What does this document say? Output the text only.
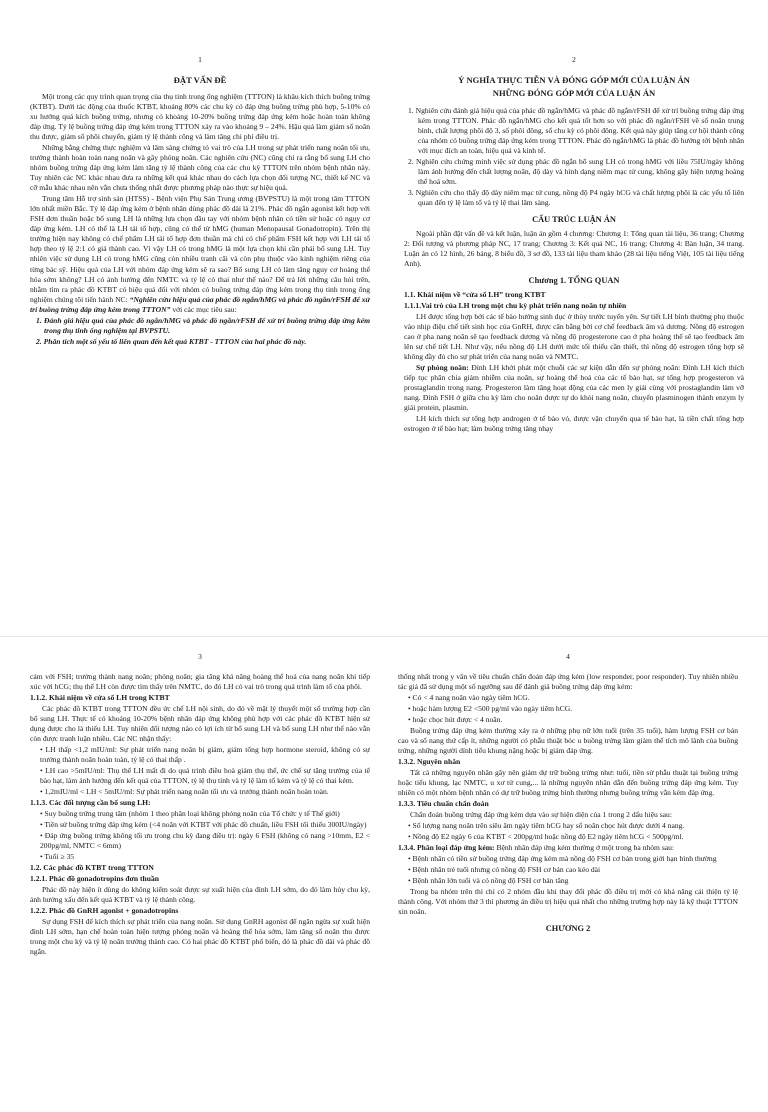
1
ĐẶT VẤN ĐỀ

Một trong các quy trình quan trọng của thụ tinh trong ống nghiệm (TTTON) là khâu kích thích buồng trứng (KTBT). Dưới tác động của thuốc KTBT, khoảng 80% các chu kỳ có đáp ứng buồng trứng phù hợp, 5-10% có xu hướng quá kích buồng trứng, nhưng có khoảng 10-20% buồng trứng đáp ứng kém hoặc hoàn toàn không đáp ứng. Tỷ lệ buồng trứng đáp ứng kém trong TTTON xảy ra vào khoảng 9 – 24%. Hậu quả làm giảm số noãn thu được, giảm số phôi chuyển, giảm tỷ lệ thành công và làm tăng chi phí điều trị.

Những bằng chứng thực nghiệm và lâm sàng chứng tỏ vai trò của LH trong sự phát triển nang noãn tối ưu, trưởng thành hoàn toàn nang noãn và gây phóng noãn. Các nghiên cứu (NC) cũng chỉ ra rằng bổ sung LH cho nhóm buồng trứng đáp ứng kém làm tăng tỷ lệ thành công của các chu kỳ TTTON trên nhóm bệnh nhân này. Tuy nhiên các NC khác nhau đưa ra những kết quả khác nhau do cách lựa chọn đối tượng NC, thiết kế NC và cỡ mẫu khác nhau nên vẫn chưa thống nhất được phương pháp nào thực sự hiệu quả.

Trung tâm Hỗ trợ sinh sản (HTSS) - Bệnh viện Phụ Sản Trung ương (BVPSTU) là một trong tâm TTTON lớn nhất miền Bắc. Tỷ lệ đáp ứng kém ở bệnh nhân dùng phác đồ dài là 21%. Phác đồ ngắn agonist kết hợp với FSH đơn thuần hoặc bổ sung LH là những lựa chọn đầu tay với nhóm bệnh nhân có tiền sử hoặc có nguy cơ đáp ứng kém. LH có thể là LH tái tổ hợp, cũng có thể từ hMG (human Menopausal Gonadotropin). Trên thị trường hiện nay không có chế phẩm LH tái tổ hợp đơn thuần mà chỉ có chế phẩm FSH kết hợp với LH tái tổ hợp theo tỷ lệ 2:1 có giá thành cao. Vì vậy LH có trong hMG là một lựa chọn khi cần phải bổ sung LH. Tuy nhiên việc sử dụng LH có trong hMG cũng còn nhiều tranh cãi và còn phụ thuộc vào kinh nghiệm riêng của từng bác sỹ. Hiệu quả của LH với nhóm đáp ứng kém sẽ ra sao? Bổ sung LH có làm tăng nguy cơ hoàng thể hóa sớm không? LH có ảnh hưởng đến NMTC và tỷ lệ có thai như thế nào? Để trả lời những câu hỏi trên, nhằm tìm ra phác đồ KTBT có hiệu quả đối với nhóm có buồng trứng đáp ứng kém trong thụ tinh trong ống nghiệm chúng tôi tiến hành NC: “Nghiên cứu hiệu quả của phác đồ ngắn/hMG và phác đồ ngắn/rFSH để xử trí buồng trứng đáp ứng kém trong TTTON” với các mục tiêu sau:

1. Đánh giá hiệu quả của phác đồ ngắn/hMG và phác đồ ngắn/rFSH để xử trí buồng trứng đáp ứng kém trong thụ tinh ống nghiệm tại BVPSTU.

2. Phân tích một số yếu tố liên quan đến kết quả KTBT - TTTON của hai phác đồ này.

2
Ý NGHĨA THỰC TIỄN VÀ ĐÓNG GÓP MỚI CỦA LUẬN ÁN
NHỮNG ĐÓNG GÓP MỚI CỦA LUẬN ÁN

1. Nghiên cứu đánh giá hiệu quả của phác đồ ngắn/hMG và phác đồ ngắn/rFSH để xử trí buồng trứng đáp ứng kém trong TTTON. Phác đồ ngắn/hMG cho kết quả tốt hơn so với phác đồ ngắn/rFSH về số noãn trung bình, chất lượng phôi độ 3, số phôi đông, số chu kỳ có phôi đông. Kết quả này giúp tăng cơ hội thành công của nhóm có buồng trứng đáp ứng kém trong TTTON. Phác đồ ngắn/hMG là phác đồ hướng tới bệnh nhân với mục đích an toàn, hiệu quả và kinh tế.

2. Nghiên cứu chứng minh việc sử dụng phác đồ ngắn bổ sung LH có trong hMG với liều 75IU/ngày không làm ảnh hưởng đến chất lượng noãn, độ dày và hình dạng niêm mạc tử cung, không gây hiện tượng hoàng thể hoá sớm.

3. Nghiên cứu cho thấy độ dày niêm mạc tử cung, nồng độ P4 ngày hCG và chất lượng phôi là các yếu tố liên quan đến tỷ lệ làm tổ và tỷ lệ thai lâm sàng.

CẤU TRÚC LUẬN ÁN

Ngoài phần đặt vấn đề và kết luận, luận án gồm 4 chương: Chương 1: Tổng quan tài liệu, 36 trang; Chương 2: Đối tượng và phương pháp NC, 17 trang; Chương 3: Kết quả NC, 16 trang; Chương 4: Bàn luận, 34 trang. Luận án có 12 hình, 26 bảng, 8 biểu đồ, 3 sơ đồ, 133 tài liệu tham khảo (28 tài liệu tiếng Việt, 105 tài liệu tiếng Anh).

Chương 1. TỔNG QUAN
1.1. Khái niệm về “cửa sổ LH” trong KTBT
1.1.1.Vai trò của LH trong một chu kỳ phát triển nang noãn tự nhiên

LH được tổng hợp bởi các tế bào hướng sinh dục ở thùy trước tuyến yên. Sự tiết LH bình thường phụ thuộc vào nhịp điệu chế tiết sinh học của GnRH, được cân bằng bởi cơ chế feedback âm và dương. Nồng độ estrogen cao ở pha nang noãn sẽ tạo feedback dương và nồng độ progesterone cao ở pha hoàng thể sẽ tạo feedback âm lên sự chế tiết LH. Như vậy, nếu nồng độ LH dưới mức tối thiểu cần thiết, thì nồng độ estrogen tổng hợp sẽ không đầy đủ cho sự phát triển của nang noãn và NMTC.

Sự phóng noãn: Đỉnh LH khởi phát một chuỗi các sự kiện dẫn đến sự phóng noãn: Đỉnh LH kích thích tiếp tục phân chia giảm nhiễm của noãn, sự hoàng thể hoá của các tế bào hạt, sự tổng hợp progesteron và prostaglandin trong nang. Progesteron làm tăng hoạt động của các men ly giải cùng với prostaglandin làm vỡ nang. Đỉnh FSH ở giữa chu kỳ làm cho noãn được tự do khỏi nang noãn, chuyển plasminogen thành enzym ly giải protein, plasmin.

LH kích thích sự tổng hợp androgen ở tế bào vỏ, được vận chuyển qua tế bào hạt, là tiền chất tổng hợp estrogen ở tế bào hạt; làm buồng trứng tăng nhạy

3

cảm với FSH; trưởng thành nang noãn; phóng noãn; gia tăng khả năng hoàng thể hoá của nang noãn khi tiếp xúc với hCG; thụ thể LH còn được tìm thấy trên NMTC, do đó LH có vai trò trong quá trình làm tổ của phôi.

1.1.2. Khái niệm về cửa sổ LH trong KTBT

Các phác đồ KTBT trong TTTON đều ức chế LH nội sinh, do đó về mặt lý thuyết một số trường hợp cần bổ sung LH. Thực tế có khoảng 10-20% bệnh nhân đáp ứng không phù hợp với các phác đồ KTBT hiện sử dụng được cho là thiếu LH. Tuy nhiên đối tượng nào có lợi ích từ bổ sung LH và bổ sung LH như thế nào vẫn còn được tranh luận nhiều. Các NC nhận thấy:

• LH thấp <1,2 mIU/ml: Sự phát triển nang noãn bị giảm, giảm tổng hợp hormone steroid, không có sự trưởng thành noãn hoàn toàn, tỷ lệ có thai thấp .

• LH cao >5mIU/ml: Thụ thể LH mất đi do quá trình điều hoà giảm thụ thể, ức chế sự tăng trưởng của tế bào hạt, làm ảnh hưởng đến kết quả của TTTON, tỷ lệ thụ tinh và tỷ lệ làm tổ kém và tỷ lệ có thai kém.

• 1,2mIU/ml < LH < 5mIU/ml: Sự phát triển nang noãn tối ưu và trưởng thành noãn hoàn toàn.

1.1.3. Các đối tượng cần bổ sung LH:

• Suy buồng trứng trung tâm (nhóm 1 theo phân loại không phóng noãn của Tổ chức y tế Thế giới)

• Tiền sử buồng trứng đáp ứng kém (<4 noãn với KTBT với phác đồ chuẩn, liều FSH tối thiểu 300IU/ngày)

• Đáp ứng buồng trứng không tối ưu trong chu kỳ đang điều trị: ngày 6 FSH (không có nang >10mm, E2 < 200pg/ml, NMTC < 6mm)

• Tuổi ≥ 35

1.2. Các phác đồ KTBT trong TTTON
1.2.1. Phác đồ gonadotropins đơn thuần

Phác đồ này hiện ít dùng do không kiểm soát được sự xuất hiện của đỉnh LH sớm, do đó làm hủy chu kỳ, ảnh hưởng xấu đến kết quả KTBT và tỷ lệ thành công.

1.2.2. Phác đồ GnRH agonist + gonadotropins

Sự dụng FSH để kích thích sự phát triển của nang noãn. Sử dụng GnRH agonist để ngăn ngừa sự xuất hiện đỉnh LH sớm, hạn chế hoàn toàn hiện tượng phóng noãn và hoàng thể hóa sớm, làm tăng số noãn thu được trong một chu kỳ và tỷ lệ noãn trưởng thành cao. Có hai phác đồ KTBT phổ biến, đó là phác đồ dài và phác đồ ngắn.

4

thống nhất trong y văn về tiêu chuẩn chẩn đoán đáp ứng kém (low responder, poor responder). Tuy nhiên nhiều tác giả đã sử dụng một số ngưỡng sau để đánh giá buồng trứng đáp ứng kém:

• Có < 4 nang noãn vào ngày tiêm hCG.

• hoặc hàm lượng E2 <500 pg/ml vào ngày tiêm hCG.

• hoặc chọc hút được < 4 noãn.

Buồng trứng đáp ứng kém thường xảy ra ở những phụ nữ lớn tuổi (trên 35 tuổi), hàm lượng FSH cơ bản cao và số nang thứ cấp ít, những người có phẫu thuật bóc u buồng trứng làm giảm thể tích mô lành của buồng trứng, những người dính tiểu khung nặng hoặc bị giảm đáp ứng.

1.3.2. Nguyên nhân

Tất cả những nguyên nhân gây nên giảm dự trữ buồng trứng như: tuổi, tiền sử phẫu thuật tại buồng trứng hoặc tiểu khung, lạc NMTC, u xơ tử cung,... là những nguyên nhân dẫn đến buồng trứng đáp ứng kém. Tuy nhiên có một nhóm bệnh nhân có dự trữ buồng trứng bình thường nhưng buồng trứng vẫn kém đáp ứng.

1.3.3. Tiêu chuẩn chẩn đoán

Chẩn đoán buồng trứng đáp ứng kém dựa vào sự hiện diện của 1 trong 2 dấu hiệu sau:

• Số lượng nang noãn trên siêu âm ngày tiêm hCG hay số noãn chọc hút được dưới 4 nang.

• Nồng độ E2 ngày 6 của KTBT < 200pg/ml hoặc nồng độ E2 ngày tiêm hCG < 500pg/ml.

1.3.4. Phân loại đáp ứng kém: Bệnh nhân đáp ứng kém thường ở một trong ba nhóm sau:

• Bệnh nhân có tiền sử buồng trứng đáp ứng kém mà nồng độ FSH cơ bản trong giới hạn bình thường

• Bệnh nhân trẻ tuổi nhưng có nồng độ FSH cơ bản cao kéo dài

• Bệnh nhân lớn tuổi và có nồng độ FSH cơ bản tăng

Trong ba nhóm trên thì chỉ có 2 nhóm đầu khi thay đổi phác đồ điều trị mới có khả năng cải thiện tỷ lệ thành công. Với nhóm thứ 3 thì phương án điều trị hiệu quả nhất cho những trường hợp này là kỹ thuật TTTON xin noãn.

CHƯƠNG 2
